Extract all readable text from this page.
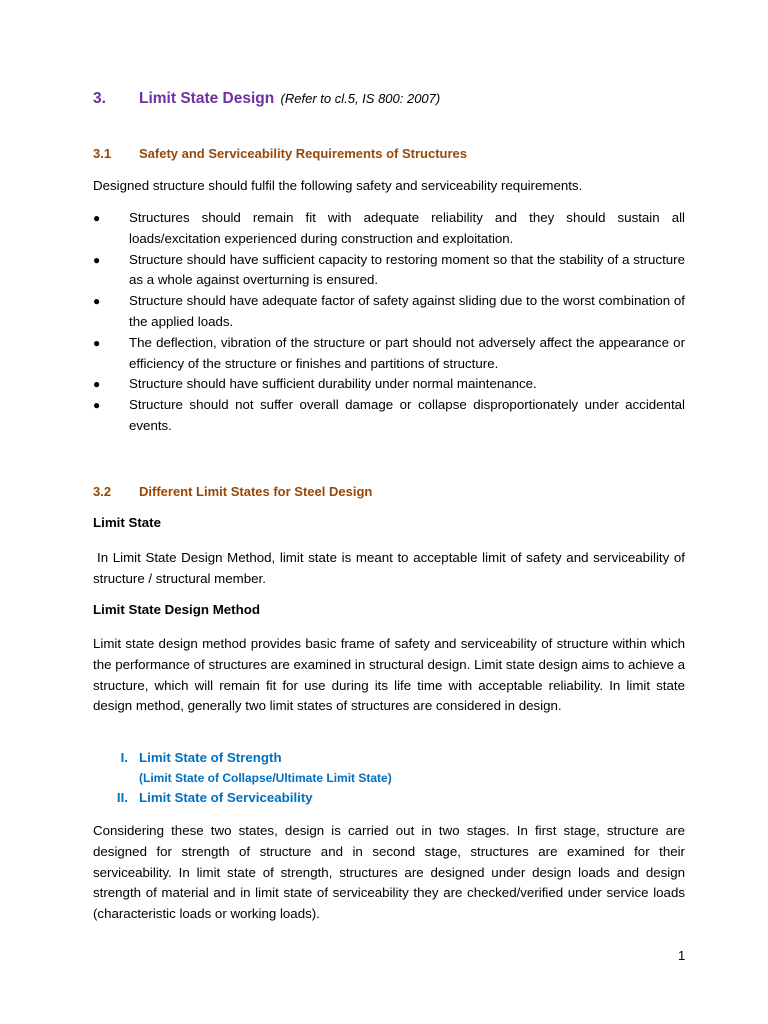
3. Limit State Design (Refer to cl.5, IS 800: 2007)
3.1 Safety and Serviceability Requirements of Structures
Designed structure should fulfil the following safety and serviceability requirements.
● Structures should remain fit with adequate reliability and they should sustain all loads/excitation experienced during construction and exploitation.
● Structure should have sufficient capacity to restoring moment so that the stability of a structure as a whole against overturning is ensured.
● Structure should have adequate factor of safety against sliding due to the worst combination of the applied loads.
● The deflection, vibration of the structure or part should not adversely affect the appearance or efficiency of the structure or finishes and partitions of structure.
● Structure should have sufficient durability under normal maintenance.
● Structure should not suffer overall damage or collapse disproportionately under accidental events.
3.2 Different Limit States for Steel Design
Limit State
In Limit State Design Method, limit state is meant to acceptable limit of safety and serviceability of structure / structural member.
Limit State Design Method
Limit state design method provides basic frame of safety and serviceability of structure within which the performance of structures are examined in structural design. Limit state design aims to achieve a structure, which will remain fit for use during its life time with acceptable reliability. In limit state design method, generally two limit states of structures are considered in design.
I. Limit State of Strength
(Limit State of Collapse/Ultimate Limit State)
II. Limit State of Serviceability
Considering these two states, design is carried out in two stages. In first stage, structure are designed for strength of structure and in second stage, structures are examined for their serviceability. In limit state of strength, structures are designed under design loads and design strength of material and in limit state of serviceability they are checked/verified under service loads (characteristic loads or working loads).
1
